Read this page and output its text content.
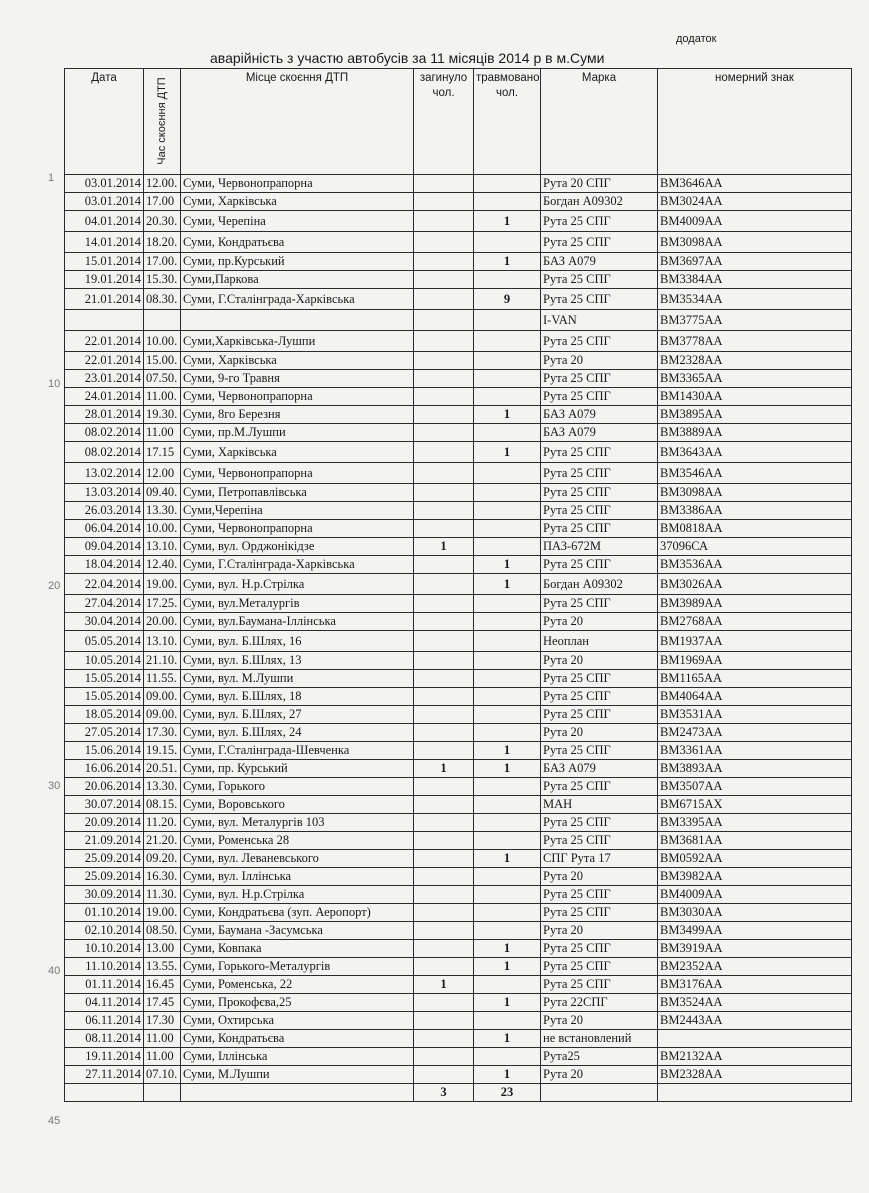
додаток
аварійність з участю автобусів за 11 місяців 2014 р в м.Суми
1
10
20
30
40
45
Дата	Час скоєння ДТП	Місце скоєння ДТП	загинуло чол.	травмовано чол.	Марка	номерний знак
03.01.2014	12.00.	Суми, Червонопрапорна			Рута 20 СПГ	ВМ3646АА
03.01.2014	17.00	Суми, Харківська			Богдан А09302	ВМ3024АА
04.01.2014	20.30.	Суми, Черепіна		1	Рута 25 СПГ	ВМ4009АА
14.01.2014	18.20.	Суми, Кондратьєва			Рута 25 СПГ	ВМ3098АА
15.01.2014	17.00.	Суми, пр.Курський		1	БАЗ А079	ВМ3697АА
19.01.2014	15.30.	Суми,Паркова			Рута 25 СПГ	ВМ3384АА
21.01.2014	08.30.	Суми, Г.Сталінграда-Харківська		9	Рута 25 СПГ	ВМ3534АА
					I-VAN	ВМ3775АА
22.01.2014	10.00.	Суми,Харківська-Лушпи			Рута 25 СПГ	ВМ3778АА
22.01.2014	15.00.	Суми, Харківська			Рута 20	ВМ2328АА
23.01.2014	07.50.	Суми, 9-го Травня			Рута 25 СПГ	ВМ3365АА
24.01.2014	11.00.	Суми, Червонопрапорна			Рута 25 СПГ	ВМ1430АА
28.01.2014	19.30.	Суми, 8го Березня		1	БАЗ А079	ВМ3895АА
08.02.2014	11.00	Суми, пр.М.Лушпи			БАЗ А079	ВМ3889АА
08.02.2014	17.15	Суми, Харківська		1	Рута 25 СПГ	ВМ3643АА
13.02.2014	12.00	Суми, Червонопрапорна			Рута 25 СПГ	ВМ3546АА
13.03.2014	09.40.	Суми, Петропавлівська			Рута 25 СПГ	ВМ3098АА
26.03.2014	13.30.	Суми,Черепіна			Рута 25 СПГ	ВМ3386АА
06.04.2014	10.00.	Суми, Червонопрапорна			Рута 25 СПГ	ВМ0818АА
09.04.2014	13.10.	Суми, вул. Орджонікідзе	1		ПАЗ-672М	37096СА
18.04.2014	12.40.	Суми, Г.Сталінграда-Харківська		1	Рута 25 СПГ	ВМ3536АА
22.04.2014	19.00.	Суми, вул. Н.р.Стрілка		1	Богдан А09302	ВМ3026АА
27.04.2014	17.25.	Суми, вул.Металургів			Рута 25 СПГ	ВМ3989АА
30.04.2014	20.00.	Суми, вул.Баумана-Іллінська			Рута 20	ВМ2768АА
05.05.2014	13.10.	Суми, вул. Б.Шлях, 16			Неоплан	ВМ1937АА
10.05.2014	21.10.	Суми, вул. Б.Шлях, 13			Рута 20	ВМ1969АА
15.05.2014	11.55.	Суми, вул. М.Лушпи			Рута 25 СПГ	ВМ1165АА
15.05.2014	09.00.	Суми, вул. Б.Шлях, 18			Рута 25 СПГ	ВМ4064АА
18.05.2014	09.00.	Суми, вул. Б.Шлях, 27			Рута 25 СПГ	ВМ3531АА
27.05.2014	17.30.	Суми, вул. Б.Шлях, 24			Рута 20	ВМ2473АА
15.06.2014	19.15.	Суми, Г.Сталінграда-Шевченка		1	Рута 25 СПГ	ВМ3361АА
16.06.2014	20.51.	Суми, пр. Курський	1	1	БАЗ А079	ВМ3893АА
20.06.2014	13.30.	Суми, Горького			Рута 25 СПГ	ВМ3507АА
30.07.2014	08.15.	Суми, Воровського			МАН	ВМ6715АХ
20.09.2014	11.20.	Суми, вул. Металургів 103			Рута 25 СПГ	ВМ3395АА
21.09.2014	21.20.	Суми, Роменська 28			Рута 25 СПГ	ВМ3681АА
25.09.2014	09.20.	Суми, вул. Леваневського		1	СПГ Рута 17	ВМ0592АА
25.09.2014	16.30.	Суми, вул. Іллінська			Рута 20	ВМ3982АА
30.09.2014	11.30.	Суми, вул. Н.р.Стрілка			Рута 25 СПГ	ВМ4009АА
01.10.2014	19.00.	Суми, Кондратьєва (зуп. Аеропорт)			Рута 25 СПГ	ВМ3030АА
02.10.2014	08.50.	Суми, Баумана -Засумська			Рута 20	ВМ3499АА
10.10.2014	13.00	Суми, Ковпака		1	Рута 25 СПГ	ВМ3919АА
11.10.2014	13.55.	Суми, Горького-Металургів		1	Рута 25 СПГ	ВМ2352АА
01.11.2014	16.45	Суми, Роменська, 22	1		Рута 25 СПГ	ВМ3176АА
04.11.2014	17.45	Суми, Прокофєва,25		1	Рута 22СПГ	ВМ3524АА
06.11.2014	17.30	Суми, Охтирська			Рута 20	ВМ2443АА
08.11.2014	11.00	Суми, Кондратьєва		1	не встановлений	
19.11.2014	11.00	Суми, Іллінська			Рута25	ВМ2132АА
27.11.2014	07.10.	Суми, М.Лушпи		1	Рута 20	ВМ2328АА
			3	23		
